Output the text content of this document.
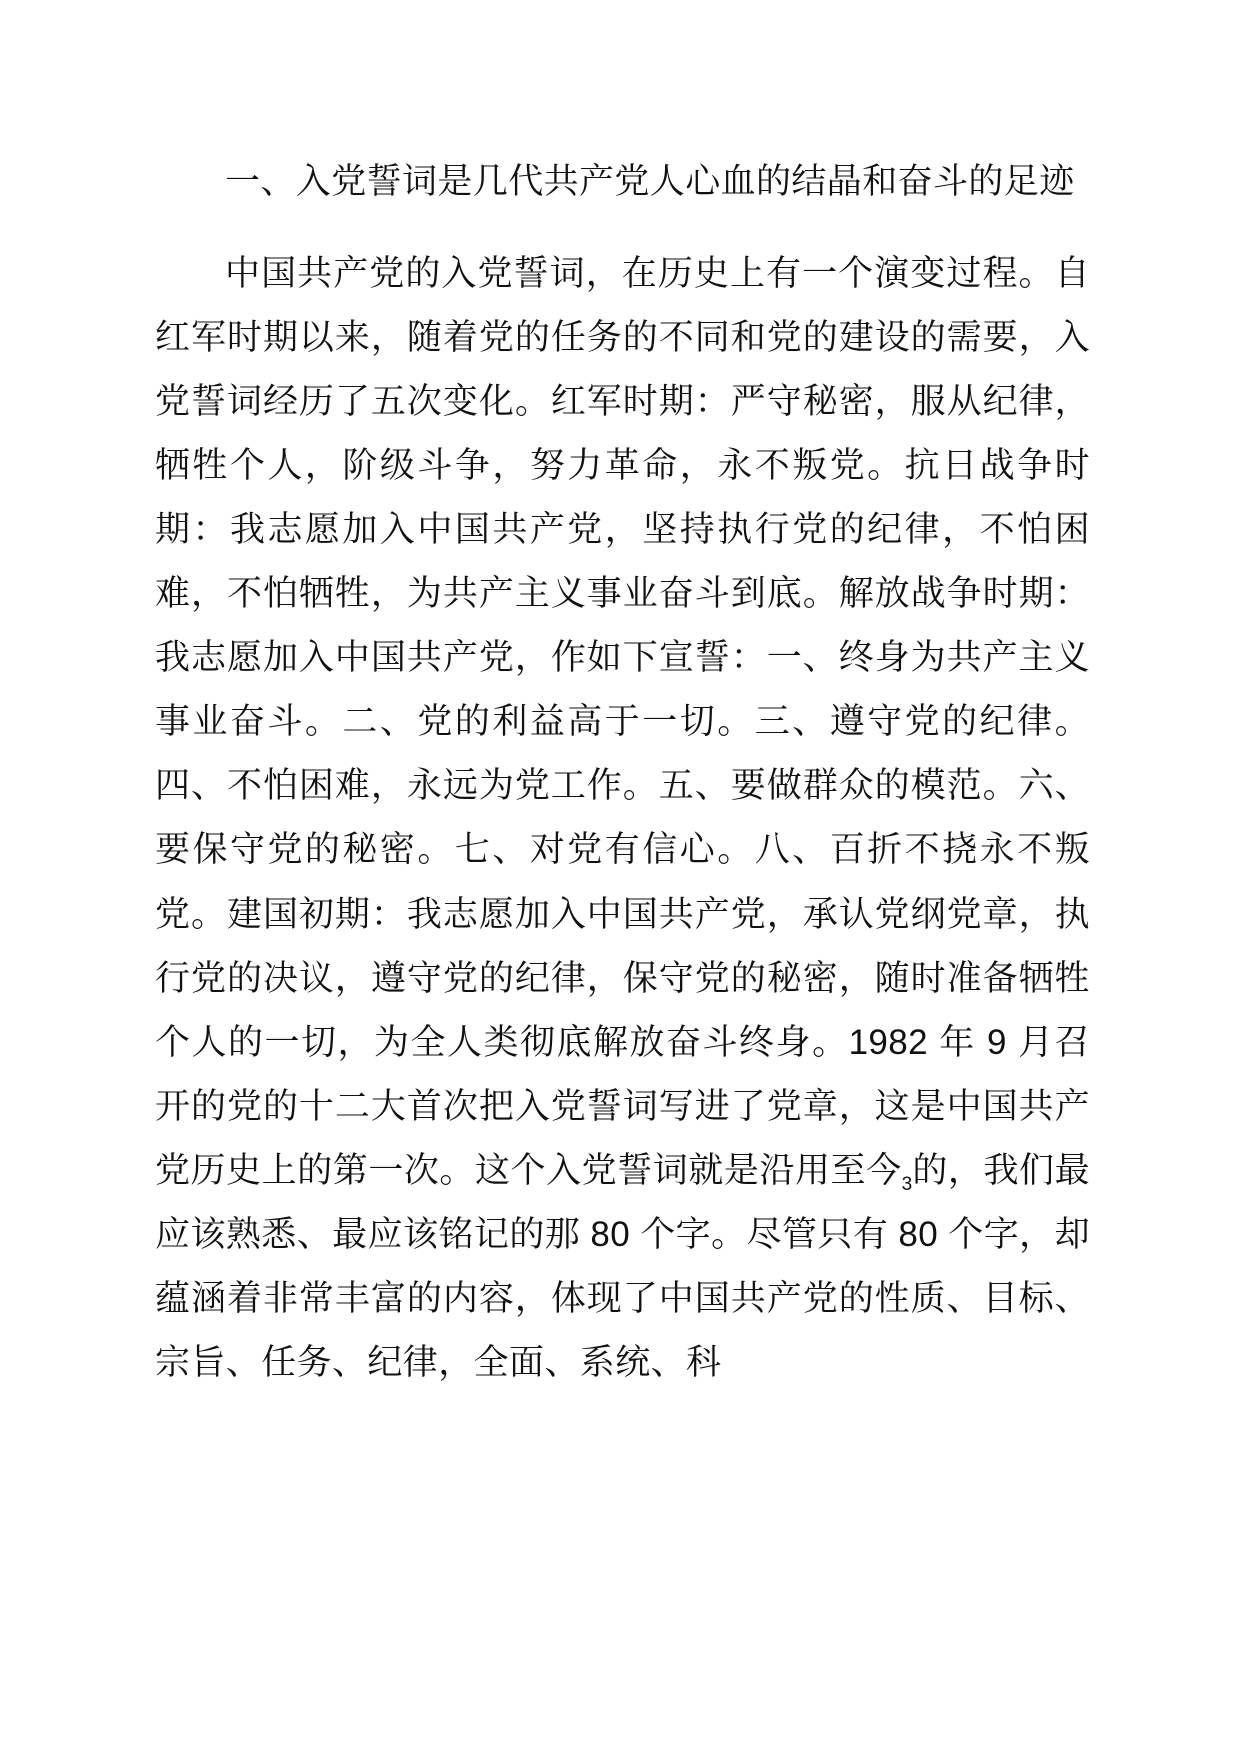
一、入党誓词是几代共产党人心血的结晶和奋斗的足迹

中国共产党的入党誓词，在历史上有一个演变过程。自红军时期以来，随着党的任务的不同和党的建设的需要，入党誓词经历了五次变化。红军时期：严守秘密，服从纪律，牺牲个人，阶级斗争，努力革命，永不叛党。抗日战争时期：我志愿加入中国共产党，坚持执行党的纪律，不怕困难，不怕牺牲，为共产主义事业奋斗到底。解放战争时期：我志愿加入中国共产党，作如下宣誓：一、终身为共产主义事业奋斗。二、党的利益高于一切。三、遵守党的纪律。四、不怕困难，永远为党工作。五、要做群众的模范。六、要保守党的秘密。七、对党有信心。八、百折不挠永不叛党。建国初期：我志愿加入中国共产党，承认党纲党章，执行党的决议，遵守党的纪律，保守党的秘密，随时准备牺牲个人的一切，为全人类彻底解放奋斗终身。1982 年 9 月召开的党的十二大首次把入党誓词写进了党章，这是中国共产党历史上的第一次。这个入党誓词就是沿用至今$_3$的，我们最应该熟悉、最应该铭记的那 80 个字。尽管只有 80 个字，却蕴涵着非常丰富的内容，体现了中国共产党的性质、目标、宗旨、任务、纪律，全面、系统、科
